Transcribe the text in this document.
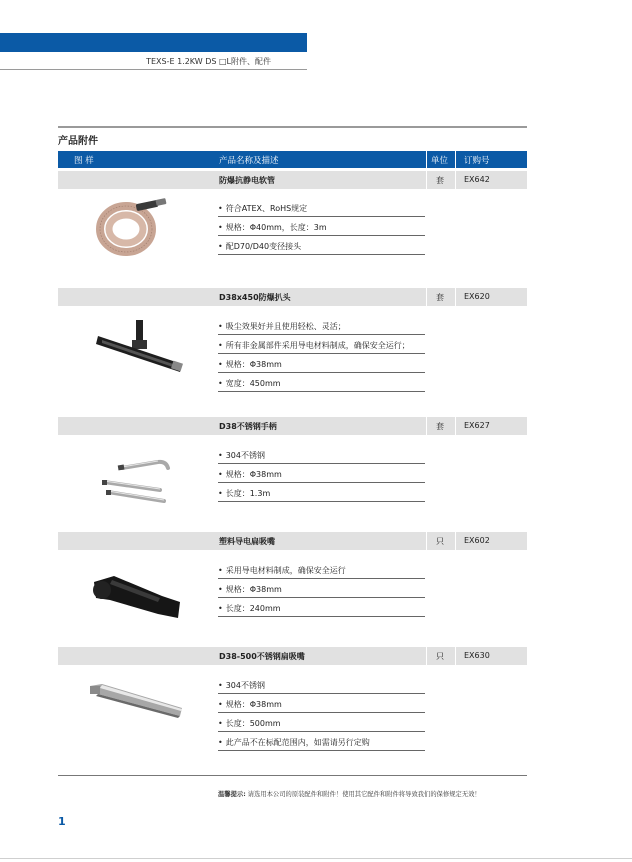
TEXS-E 1.2KW DS □L附件、配件
产品附件
图 样	产品名称及描述	单位 订购号
防爆抗静电软管	套	EX642
• 符合ATEX、RoHS规定
• 规格：Φ40mm，长度：3m
• 配D70/D40变径接头
D38x450防爆扒头	套	EX620
• 吸尘效果好并且使用轻松、灵活；
• 所有非金属部件采用导电材料制成，确保安全运行；
• 规格：Φ38mm
• 宽度：450mm
D38不锈钢手柄	套	EX627
• 304不锈钢
• 规格：Φ38mm
• 长度：1.3m
塑料导电扁吸嘴	只	EX602
• 采用导电材料制成，确保安全运行
• 规格：Φ38mm
• 长度：240mm
D38-500不锈钢扁吸嘴	只	EX630
• 304不锈钢
• 规格：Φ38mm
• 长度：500mm
• 此产品不在标配范围内，如需请另行定购
温馨提示: 请选用本公司的原装配件和附件！使用其它配件和附件将导致我们的保修规定无效！
1
